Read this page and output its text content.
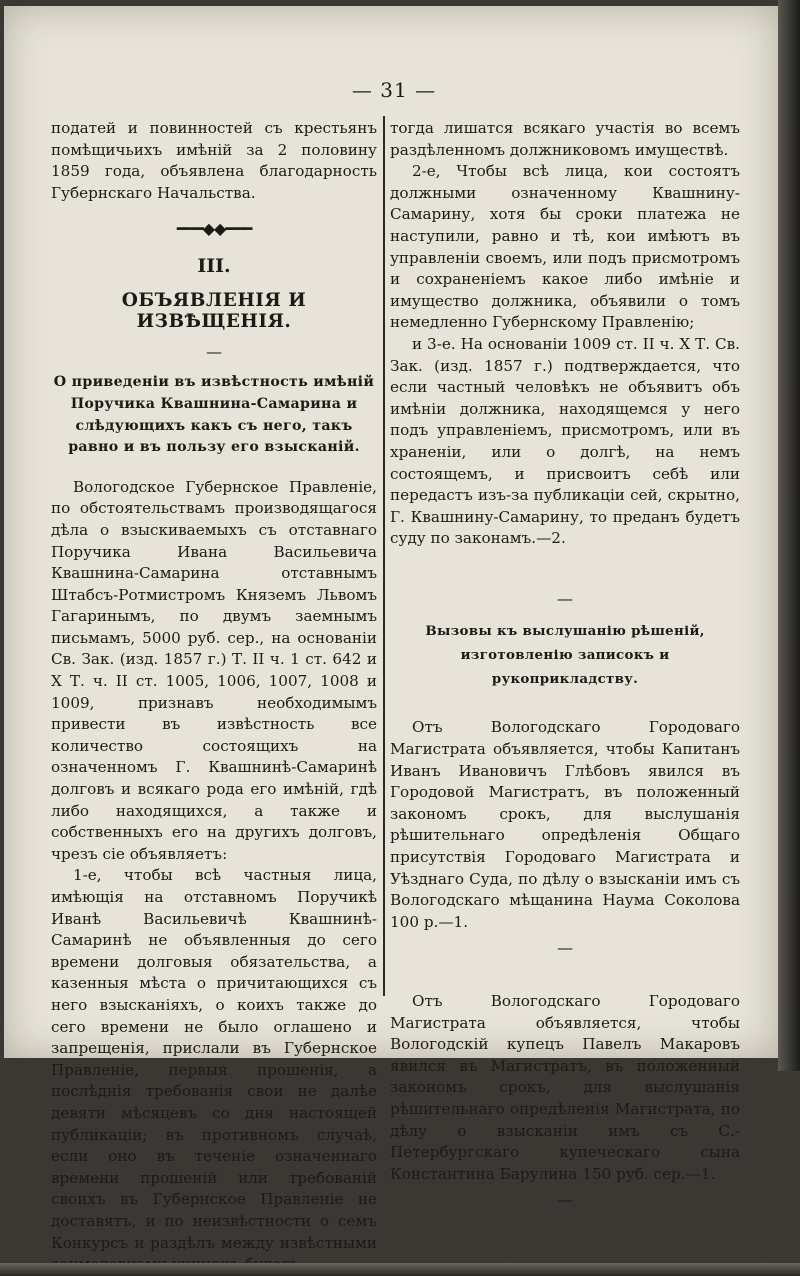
— 31 —

податей и повинностей съ крестьянъ помѣщичьихъ имѣній за 2 половину 1859 года, объявлена благодарность Губернскаго Начальства.

━━━◆◆━━━
III.
ОБЪЯВЛЕНІЯ И ИЗВѢЩЕНІЯ.
—
О приведеніи въ извѣстность имѣній Поручика Квашнина-Самарина и слѣдующихъ какъ съ него, такъ равно и въ пользу его взысканій.

Вологодское Губернское Правленіе, по обстоятельствамъ производящагося дѣла о взыскиваемыхъ съ отставнаго Поручика Ивана Васильевича Квашнина-Самарина отставнымъ Штабсъ-Ротмистромъ Княземъ Львомъ Гагаринымъ, по двумъ заемнымъ письмамъ, 5000 руб. сер., на основаніи Св. Зак. (изд. 1857 г.) Т. II ч. 1 ст. 642 и X Т. ч. II ст. 1005, 1006, 1007, 1008 и 1009, признавъ необходимымъ привести въ извѣстность все количество состоящихъ на означенномъ Г. Квашнинѣ-Самаринѣ долговъ и всякаго рода его имѣній, гдѣ либо находящихся, а также и собственныхъ его на другихъ долговъ, чрезъ сіе объявляетъ:

1-е, чтобы всѣ частныя лица, имѣющія на отставномъ Поручикѣ Иванѣ Васильевичѣ Квашнинѣ-Самаринѣ не объявленныя до сего времени долговыя обязательства, а казенныя мѣста о причитающихся съ него взысканіяхъ, о коихъ также до сего времени не было оглашено и запрещенія, прислали въ Губернское Правленіе, первыя прошенія, а послѣднія требованія свои не далѣе девяти мѣсяцевъ со дня настоящей публикаціи; въ противномъ случаѣ, если оно въ теченіе означеннаго времени прошеній или требованій своихъ въ Губернское Правленіе не доставятъ, и по неизвѣстности о семъ Конкурсъ и раздѣлъ между извѣстными

тогда лишатся всякаго участія во всемъ раздѣленномъ должниковомъ имуществѣ.

2-е, Чтобы всѣ лица, кои состоятъ должными означенному Квашнину-Самарину, хотя бы сроки платежа не наступили, равно и тѣ, кои имѣютъ въ управленіи своемъ, или подъ присмотромъ и сохраненіемъ какое либо имѣніе и имущество должника, объявили о томъ немедленно Губернскому Правленію;

и 3-е. На основаніи 1009 ст. II ч. X Т. Св. Зак. (изд. 1857 г.) подтверждается, что если частный человѣкъ не объявитъ объ имѣніи должника, находящемся у него подъ управленіемъ, присмотромъ, или въ храненіи, или о долгѣ, на немъ состоящемъ, и присвоитъ себѣ или передастъ изъ-за публикаціи сей, скрытно, Г. Квашнину-Самарину, то преданъ будетъ суду по законамъ.—2.

—
Вызовы къ выслушанію рѣшеній, изготовленію записокъ и рукоприкладству.

Отъ Вологодскаго Городоваго Магистрата объявляется, чтобы Капитанъ Иванъ Ивановичъ Глѣбовъ явился въ Городовой Магистратъ, въ положенный закономъ срокъ, для выслушанія рѣшительнаго опредѣленія Общаго присутствія Городоваго Магистрата и Уѣзднаго Суда, по дѣлу о взысканіи имъ съ Вологодскаго мѣщанина Наума Соколова 100 р.—1.

—

Отъ Вологодскаго Городоваго Магистрата объявляется, чтобы Вологодскій купецъ Павелъ Макаровъ явился въ Магистратъ, въ положенный закономъ срокъ, для выслушанія рѣшительнаго опредѣленія Магистрата, по дѣлу о взысканіи имъ съ С.-Петербургскаго купеческаго сына Константина Барулина 150 руб. сер.—1.

—
